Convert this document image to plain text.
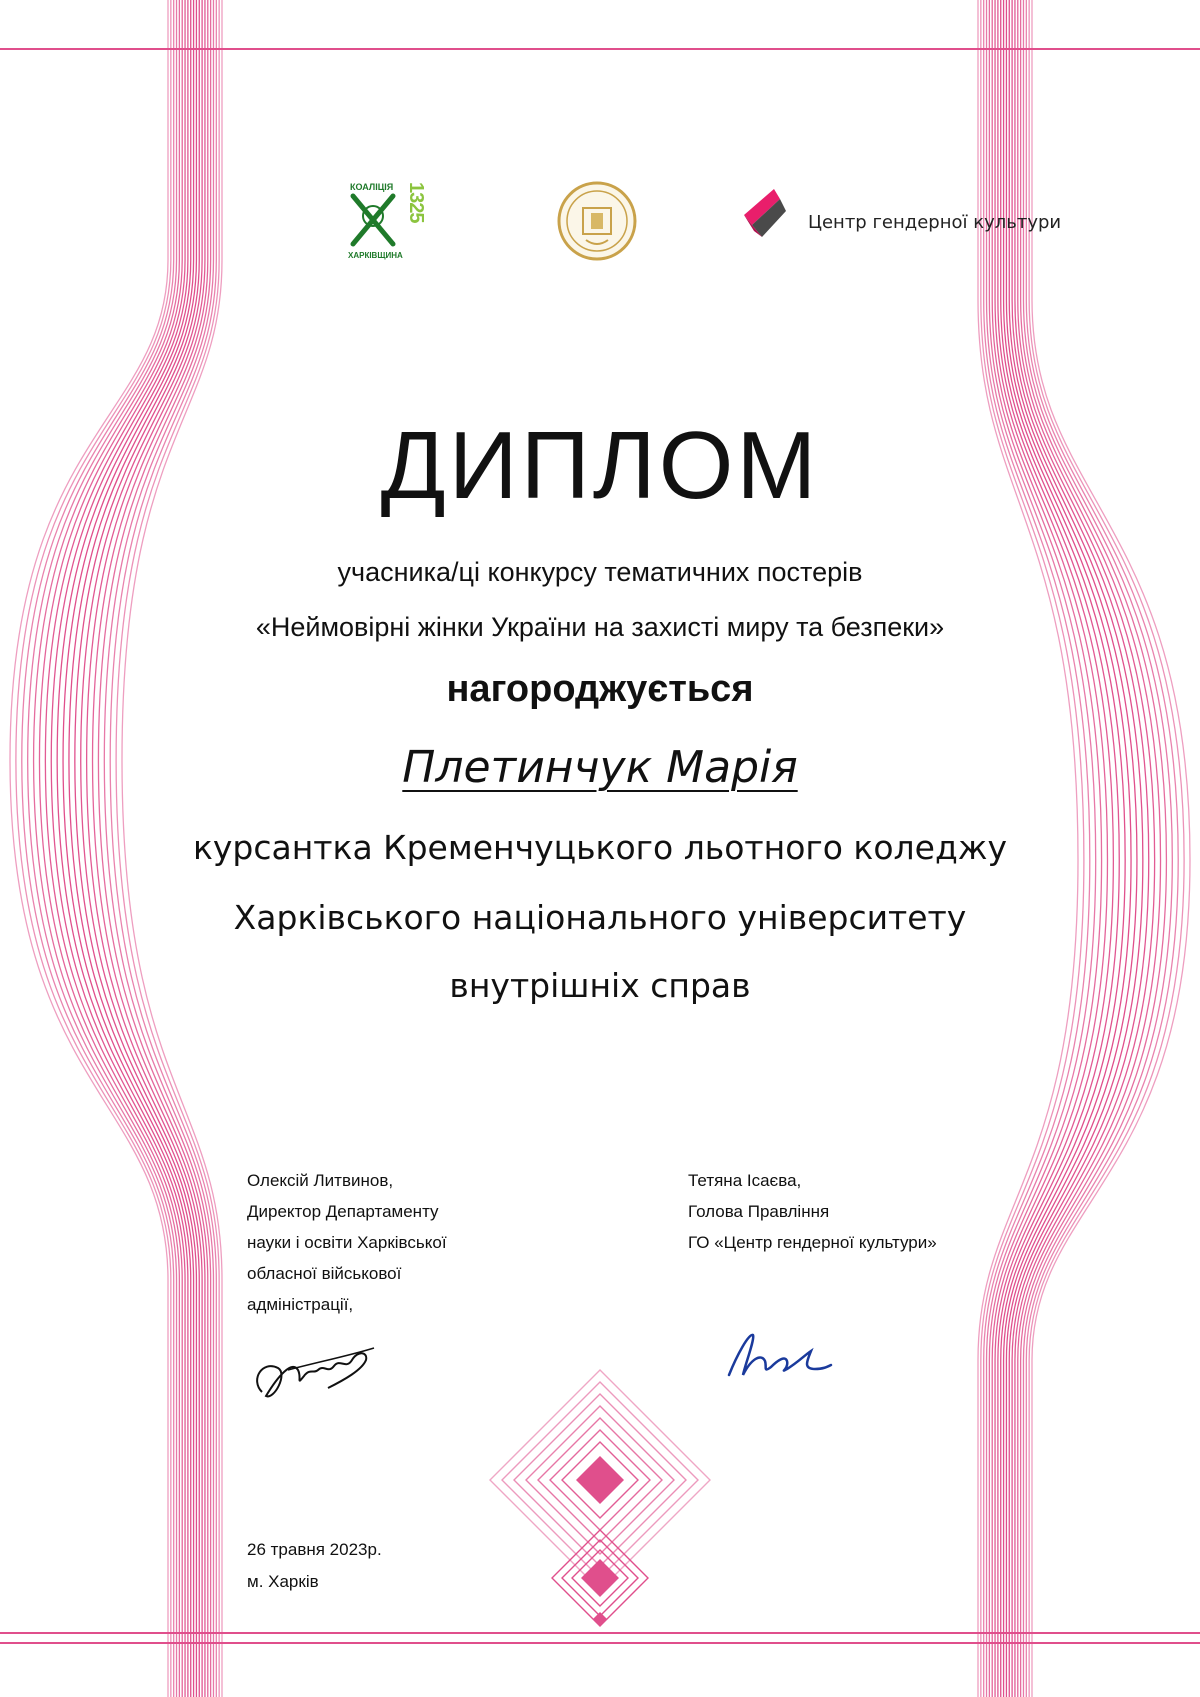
КОАЛІЦІЯ 1325
ХАРКІВЩИНА
Центр гендерної культури
ДИПЛОМ
учасника/ці конкурсу тематичних постерів
«Неймовірні жінки України на захисті миру та безпеки»
нагороджується
Плетинчук Марія
курсантка Кременчуцького льотного коледжу
Харківського національного університету
внутрішніх справ
Олексій Литвинов,
Директор Департаменту
науки і освіти Харківської
обласної військової
адміністрації,
Тетяна Ісаєва,
Голова Правління
ГО «Центр гендерної культури»
26 травня 2023р.
м. Харків
